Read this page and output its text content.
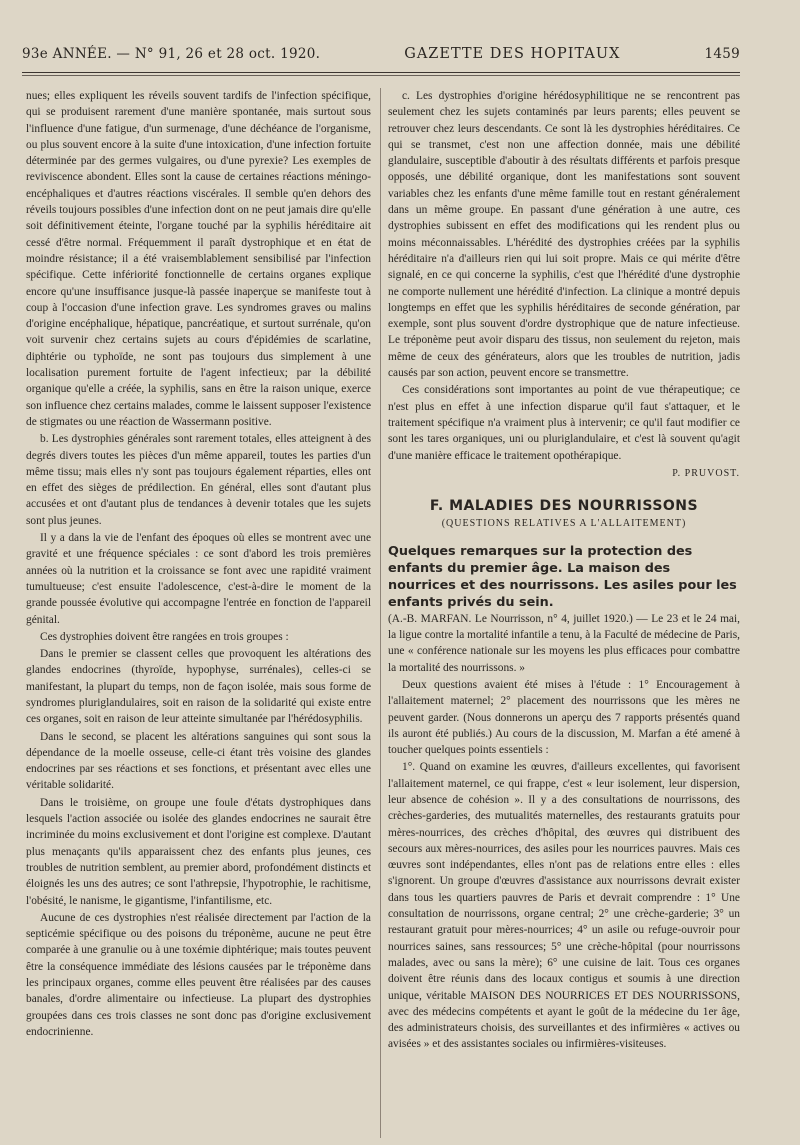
93e ANNÉE. — N° 91, 26 et 28 oct. 1920.	GAZETTE DES HOPITAUX	1459

nues; elles expliquent les réveils souvent tardifs de l'infection spécifique, qui se produisent rarement d'une manière spontanée, mais surtout sous l'influence d'une fatigue, d'un surmenage, d'une déchéance de l'organisme, ou plus souvent encore à la suite d'une intoxication, d'une infection fortuite déterminée par des germes vulgaires, ou d'une pyrexie? Les exemples de reviviscence abondent. Elles sont la cause de certaines réactions méningo-encéphaliques et d'autres réactions viscérales. Il semble qu'en dehors des réveils toujours possibles d'une infection dont on ne peut jamais dire qu'elle soit définitivement éteinte, l'organe touché par la syphilis héréditaire ait cessé d'être normal. Fréquemment il paraît dystrophique et en état de moindre résistance; il a été vraisemblablement sensibilisé par l'infection spécifique. Cette infériorité fonctionnelle de certains organes explique encore qu'une insuffisance jusque-là passée inaperçue se manifeste tout à coup à l'occasion d'une infection grave. Les syndromes graves ou malins d'origine encéphalique, hépatique, pancréatique, et surtout surrénale, qu'on voit survenir chez certains sujets au cours d'épidémies de scarlatine, diphtérie ou typhoïde, ne sont pas toujours dus simplement à une localisation purement fortuite de l'agent infectieux; par la débilité organique qu'elle a créée, la syphilis, sans en être la raison unique, exerce son influence chez certains malades, comme le laissent supposer l'existence de stigmates ou une réaction de Wassermann positive.

b. Les dystrophies générales sont rarement totales, elles atteignent à des degrés divers toutes les pièces d'un même appareil, toutes les parties d'un même tissu; mais elles n'y sont pas toujours également réparties, elles ont en effet des sièges de prédilection. En général, elles sont d'autant plus accusées et ont d'autant plus de tendances à devenir totales que les sujets sont plus jeunes.

Il y a dans la vie de l'enfant des époques où elles se montrent avec une gravité et une fréquence spéciales : ce sont d'abord les trois premières années où la nutrition et la croissance se font avec une rapidité vraiment tumultueuse; c'est ensuite l'adolescence, c'est-à-dire le moment de la grande poussée évolutive qui accompagne l'entrée en fonction de l'appareil génital.

Ces dystrophies doivent être rangées en trois groupes :

Dans le premier se classent celles que provoquent les altérations des glandes endocrines (thyroïde, hypophyse, surrénales), celles-ci se manifestant, la plupart du temps, non de façon isolée, mais sous forme de syndromes pluriglandulaires, soit en raison de la solidarité qui existe entre ces organes, soit en raison de leur atteinte simultanée par l'hérédosyphilis.

Dans le second, se placent les altérations sanguines qui sont sous la dépendance de la moelle osseuse, celle-ci étant très voisine des glandes endocrines par ses réactions et ses fonctions, et présentant avec elles une véritable solidarité.

Dans le troisième, on groupe une foule d'états dystrophiques dans lesquels l'action associée ou isolée des glandes endocrines ne saurait être incriminée du moins exclusivement et dont l'origine est complexe. D'autant plus menaçants qu'ils apparaissent chez des enfants plus jeunes, ces troubles de nutrition semblent, au premier abord, profondément distincts et éloignés les uns des autres; ce sont l'athrepsie, l'hypotrophie, le rachitisme, l'obésité, le nanisme, le gigantisme, l'infantilisme, etc.

Aucune de ces dystrophies n'est réalisée directement par l'action de la septicémie spécifique ou des poisons du tréponème, aucune ne peut être comparée à une granulie ou à une toxémie diphtérique; mais toutes peuvent être la conséquence immédiate des lésions causées par le tréponème dans les principaux organes, comme elles peuvent être réalisées par des causes banales, d'ordre alimentaire ou infectieuse. La plupart des dystrophies groupées dans ces trois classes ne sont donc pas d'origine exclusivement endocrinienne.

c. Les dystrophies d'origine hérédosyphilitique ne se rencontrent pas seulement chez les sujets contaminés par leurs parents; elles peuvent se retrouver chez leurs descendants. Ce sont là les dystrophies héréditaires. Ce qui se transmet, c'est non une affection donnée, mais une débilité glandulaire, susceptible d'aboutir à des résultats différents et parfois presque opposés, une débilité organique, dont les manifestations sont souvent variables chez les enfants d'une même famille tout en restant généralement dans un même groupe. En passant d'une génération à une autre, ces dystrophies subissent en effet des modifications qui les rendent plus ou moins méconnaissables. L'hérédité des dystrophies créées par la syphilis héréditaire n'a d'ailleurs rien qui lui soit propre. Mais ce qui mérite d'être signalé, en ce qui concerne la syphilis, c'est que l'hérédité d'une dystrophie ne comporte nullement une hérédité d'infection. La clinique a montré depuis longtemps en effet que les syphilis héréditaires de seconde génération, par exemple, sont plus souvent d'ordre dystrophique que de nature infectieuse. Le tréponème peut avoir disparu des tissus, non seulement du rejeton, mais même de ceux des générateurs, alors que les troubles de nutrition, jadis causés par son action, peuvent encore se transmettre.

Ces considérations sont importantes au point de vue thérapeutique; ce n'est plus en effet à une infection disparue qu'il faut s'attaquer, et le traitement spécifique n'a vraiment plus à intervenir; ce qu'il faut modifier ce sont les tares organiques, uni ou pluriglandulaire, et c'est là souvent qu'agit d'une manière efficace le traitement opothérapique.

P. PRUVOST.
F. MALADIES DES NOURRISSONS
(QUESTIONS RELATIVES A L'ALLAITEMENT)

Quelques remarques sur la protection des enfants du premier âge. La maison des nourrices et des nourrissons. Les asiles pour les enfants privés du sein.

(A.-B. MARFAN. Le Nourrisson, n° 4, juillet 1920.) — Le 23 et le 24 mai, la ligue contre la mortalité infantile a tenu, à la Faculté de médecine de Paris, une « conférence nationale sur les moyens les plus efficaces pour combattre la mortalité des nourrissons. »

Deux questions avaient été mises à l'étude : 1° Encouragement à l'allaitement maternel; 2° placement des nourrissons que les mères ne peuvent garder. (Nous donnerons un aperçu des 7 rapports présentés quand ils auront été publiés.) Au cours de la discussion, M. Marfan a été amené à toucher quelques points essentiels :

1°. Quand on examine les œuvres, d'ailleurs excellentes, qui favorisent l'allaitement maternel, ce qui frappe, c'est « leur isolement, leur dispersion, leur absence de cohésion ». Il y a des consultations de nourrissons, des crèches-garderies, des mutualités maternelles, des restaurants gratuits pour mères-nourrices, des crèches d'hôpital, des œuvres qui distribuent des secours aux mères-nourrices, des asiles pour les nourrices pauvres. Mais ces œuvres sont indépendantes, elles n'ont pas de relations entre elles : elles s'ignorent. Un groupe d'œuvres d'assistance aux nourrissons devrait exister dans tous les quartiers pauvres de Paris et devrait comprendre : 1° Une consultation de nourrissons, organe central; 2° une crèche-garderie; 3° un restaurant gratuit pour mères-nourrices; 4° un asile ou refuge-ouvroir pour nourrices saines, sans ressources; 5° une crèche-hôpital (pour nourrissons malades, avec ou sans la mère); 6° une cuisine de lait. Tous ces organes doivent être réunis dans des locaux contigus et soumis à une direction unique, véritable MAISON DES NOURRICES ET DES NOURRISSONS, avec des médecins compétents et ayant le goût de la médecine du 1er âge, des administrateurs choisis, des surveillantes et des infirmières « actives ou avisées » et des assistantes sociales ou infirmières-visiteuses.
